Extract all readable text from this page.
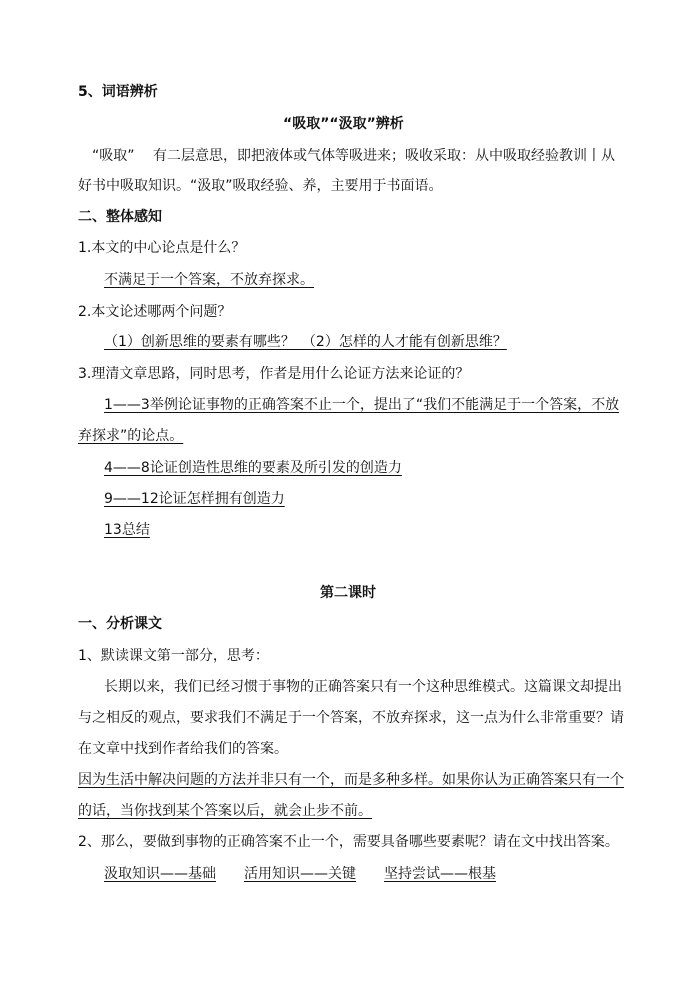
5、词语辨析
“吸取”“汲取”辨析
“吸取”　 有二层意思，即把液体或气体等吸进来；吸收采取：从中吸取经验教训丨从
好书中吸取知识。“汲取”吸取经验、养，主要用于书面语。
二、整体感知
1.本文的中心论点是什么？
不满足于一个答案，不放弃探求。
2.本文论述哪两个问题？
（1）创新思维的要素有哪些？　（2）怎样的人才能有创新思维？
3.理清文章思路，同时思考，作者是用什么论证方法来论证的？
1——3举例论证事物的正确答案不止一个，提出了“我们不能满足于一个答案，不放
弃探求”的论点。
4——8论证创造性思维的要素及所引发的创造力
9——12论证怎样拥有创造力
13总结
第二课时
一、分析课文
1、默读课文第一部分，思考：
长期以来，我们已经习惯于事物的正确答案只有一个这种思维模式。这篇课文却提出
与之相反的观点，要求我们不满足于一个答案，不放弃探求，这一点为什么非常重要？请
在文章中找到作者给我们的答案。
因为生活中解决问题的方法并非只有一个，而是多种多样。如果你认为正确答案只有一个
的话，当你找到某个答案以后，就会止步不前。
2、那么，要做到事物的正确答案不止一个，需要具备哪些要素呢？请在文中找出答案。
汲取知识——基础 活用知识——关键 坚持尝试——根基
